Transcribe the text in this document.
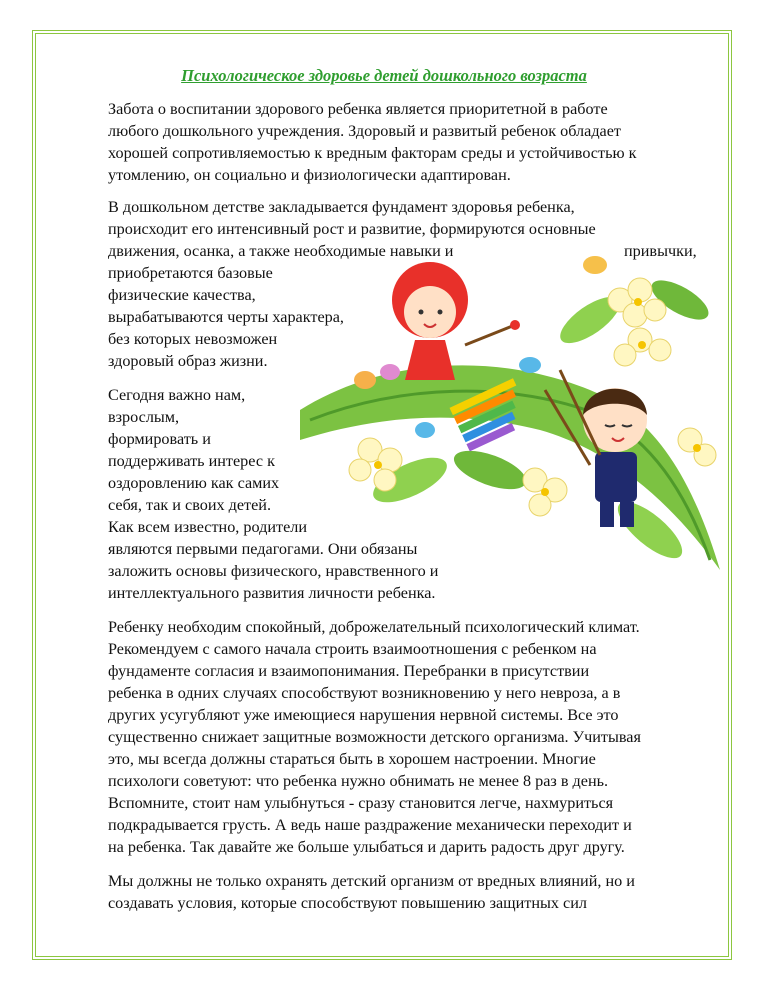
Психологическое здоровье детей дошкольного возраста

Забота о воспитании здорового ребенка является приоритетной в работе
любого дошкольного учреждения. Здоровый и развитый ребенок обладает
хорошей сопротивляемостью к вредным факторам среды и устойчивостью к
утомлению, он социально и физиологически адаптирован.

В дошкольном детстве закладывается фундамент здоровья ребенка,
происходит его интенсивный рост и развитие, формируются основные
движения, осанка, а также необходимые навыки и	привычки,
приобретаются базовые
физические качества,
вырабатываются черты характера,
без которых невозможен
здоровый образ жизни.

Сегодня важно нам,
взрослым,
формировать и
поддерживать интерес к
оздоровлению как самих
себя, так и своих детей.
Как всем известно, родители
являются первыми педагогами. Они обязаны
заложить основы физического, нравственного и
интеллектуального развития личности ребенка.

Ребенку необходим спокойный, доброжелательный психологический климат.
Рекомендуем с самого начала строить взаимоотношения с ребенком на
фундаменте согласия и взаимопонимания. Перебранки в присутствии
ребенка в одних случаях способствуют возникновению у него невроза, а в
других усугубляют уже имеющиеся нарушения нервной системы. Все это
существенно снижает защитные возможности детского организма. Учитывая
это, мы всегда должны стараться быть в хорошем настроении. Многие
психологи советуют: что ребенка нужно обнимать не менее 8 раз в день.
Вспомните, стоит нам улыбнуться - сразу становится легче, нахмуриться
подкрадывается грусть. А ведь наше раздражение механически переходит и
на ребенка. Так давайте же больше улыбаться и дарить радость друг другу.

Мы должны не только охранять детский организм от вредных влияний, но и
создавать условия, которые способствуют повышению защитных сил
